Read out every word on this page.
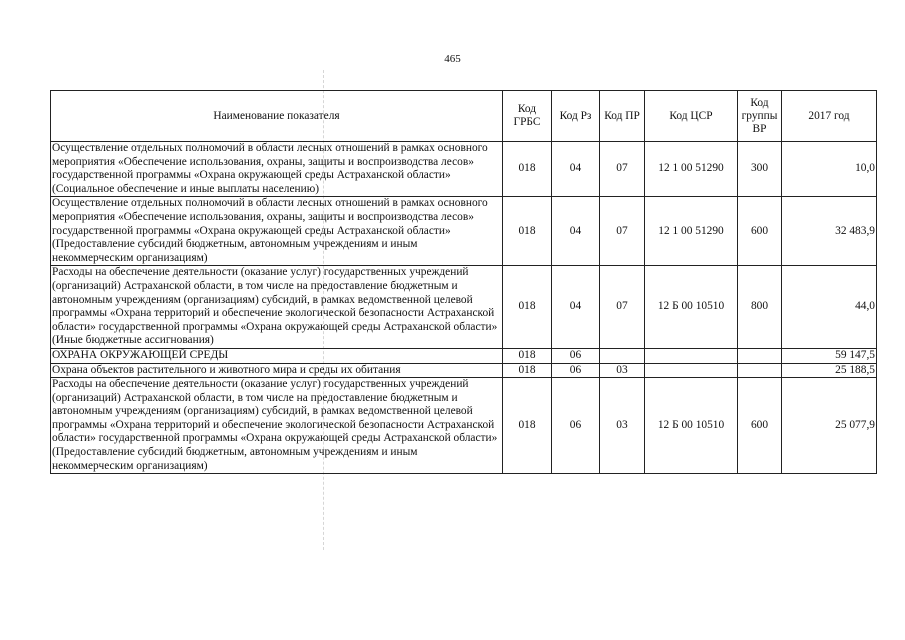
465
Наименование показателя	Код ГРБС	Код Рз	Код ПР	Код ЦСР	Код группы ВР	2017 год
Осуществление отдельных полномочий в области лесных отношений в рамках основного мероприятия «Обеспечение использования, охраны, защиты и воспроизводства лесов» государственной программы «Охрана окружающей среды Астраханской области» (Социальное обеспечение и иные выплаты населению)	018	04	07	12 1 00 51290	300	10,0
Осуществление отдельных полномочий в области лесных отношений в рамках основного мероприятия «Обеспечение использования, охраны, защиты и воспроизводства лесов» государственной программы «Охрана окружающей среды Астраханской области» (Предоставление субсидий бюджетным, автономным учреждениям и иным некоммерческим организациям)	018	04	07	12 1 00 51290	600	32 483,9
Расходы на обеспечение деятельности (оказание услуг) государственных учреждений (организаций) Астраханской области, в том числе на предоставление бюджетным и автономным учреждениям (организациям) субсидий, в рамках ведомственной целевой программы «Охрана территорий и обеспечение экологической безопасности Астраханской области» государственной программы «Охрана окружающей среды Астраханской области» (Иные бюджетные ассигнования)	018	04	07	12 Б 00 10510	800	44,0
ОХРАНА ОКРУЖАЮЩЕЙ СРЕДЫ	018	06				59 147,5
Охрана объектов растительного и животного мира и среды их обитания	018	06	03			25 188,5
Расходы на обеспечение деятельности (оказание услуг) государственных учреждений (организаций) Астраханской области, в том числе на предоставление бюджетным и автономным учреждениям (организациям) субсидий, в рамках ведомственной целевой программы «Охрана территорий и обеспечение экологической безопасности Астраханской области» государственной программы «Охрана окружающей среды Астраханской области» (Предоставление субсидий бюджетным, автономным учреждениям и иным некоммерческим организациям)	018	06	03	12 Б 00 10510	600	25 077,9
